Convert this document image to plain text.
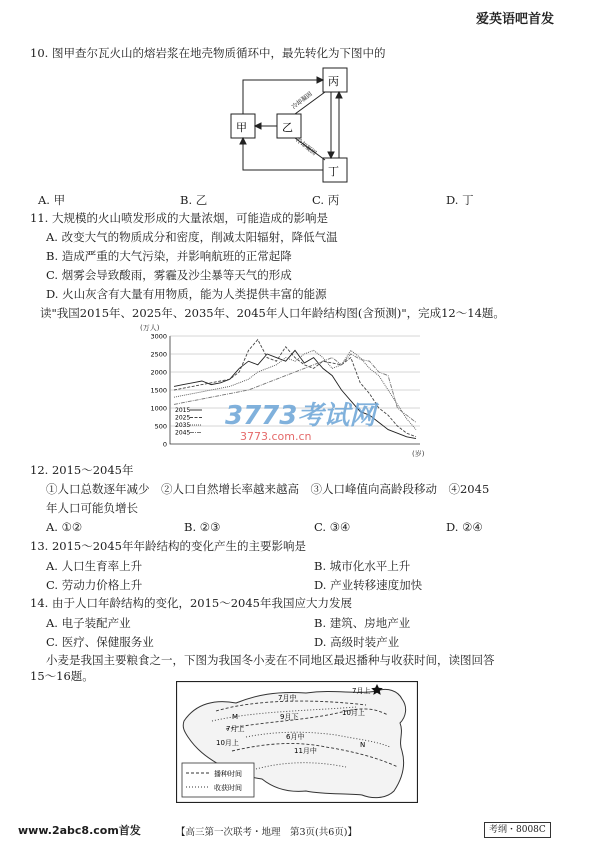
爱英语吧首发
10. 图甲查尔瓦火山的熔岩浆在地壳物质循环中，最先转化为下图中的
甲	乙
丙
丁
冷却凝固
冷却凝固
A. 甲	B. 乙	C. 丙	D. 丁
11. 大规模的火山喷发形成的大量浓烟，可能造成的影响是
A. 改变大气的物质成分和密度，削减太阳辐射，降低气温
B. 造成严重的大气污染，并影响航班的正常起降
C. 烟雾会导致酸雨，雾霾及沙尘暴等天气的形成
D. 火山灰含有大量有用物质，能为人类提供丰富的能源
读"我国2015年、2025年、2035年、2045年人口年龄结构图(含预测)"，完成12～14题。
(万人)
3000
2500
2000
1500
1000
500
0
2015
2025
2035
2045
3773考试网
3773.com.cn
(岁)
12. 2015～2045年
①人口总数逐年减少　②人口自然增长率越来越高　③人口峰值向高龄段移动　④2045
年人口可能负增长
A. ①②	B. ②③	C. ③④	D. ②④
13. 2015～2045年年龄结构的变化产生的主要影响是
A. 人口生育率上升	B. 城市化水平上升
C. 劳动力价格上升	D. 产业转移速度加快
14. 由于人口年龄结构的变化，2015～2045年我国应大力发展
A. 电子装配产业	B. 建筑、房地产业
C. 医疗、保健服务业	D. 高级时装产业
小麦是我国主要粮食之一，下图为我国冬小麦在不同地区最迟播种与收获时间，读图回答
15～16题。
7月中
7月上
M	9月下
7月上
10月上
6月中
10月上
11月中
N
播种时间
收获时间
www.2abc8.com首发	【高三第一次联考・地理　第3页(共6页)】	考纲・8008C
